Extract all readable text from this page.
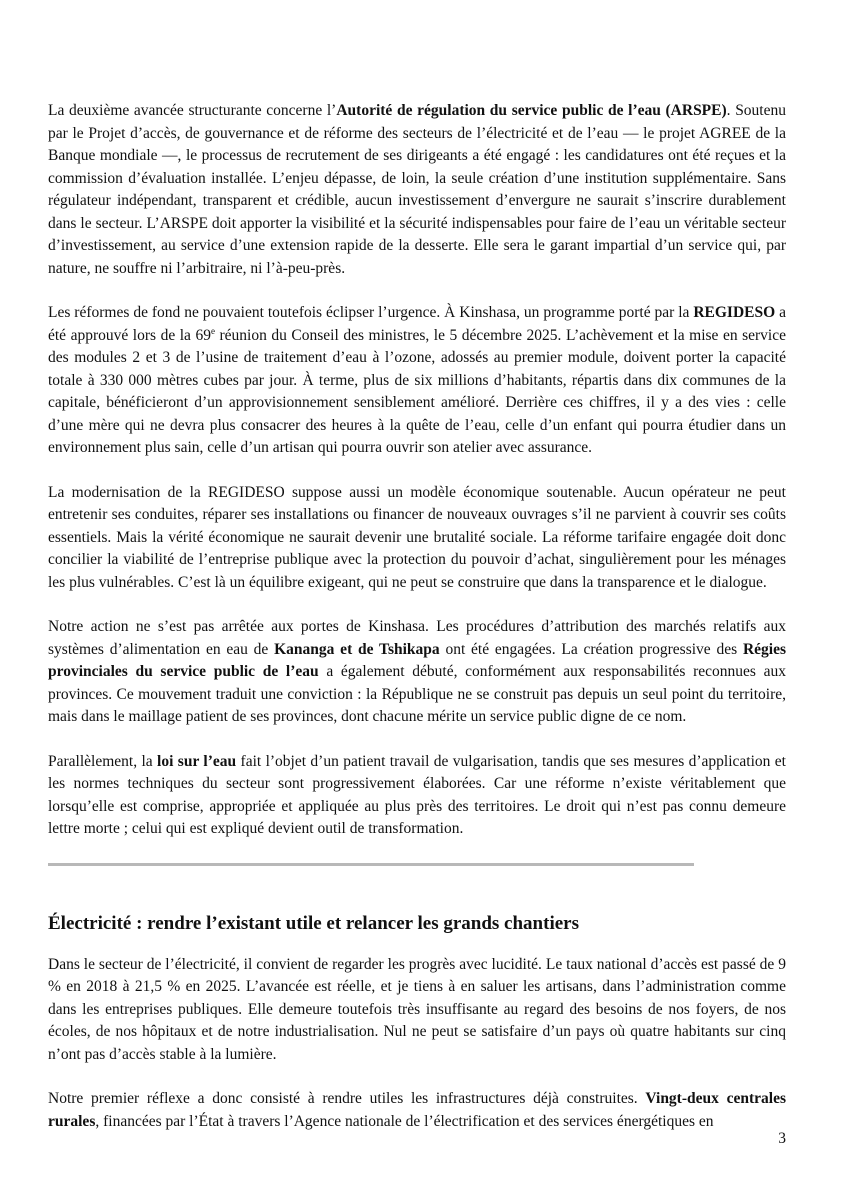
La deuxième avancée structurante concerne l’Autorité de régulation du service public de l’eau (ARSPE). Soutenu par le Projet d’accès, de gouvernance et de réforme des secteurs de l’électricité et de l’eau — le projet AGREE de la Banque mondiale —, le processus de recrutement de ses dirigeants a été engagé : les candidatures ont été reçues et la commission d’évaluation installée. L’enjeu dépasse, de loin, la seule création d’une institution supplémentaire. Sans régulateur indépendant, transparent et crédible, aucun investissement d’envergure ne saurait s’inscrire durablement dans le secteur. L’ARSPE doit apporter la visibilité et la sécurité indispensables pour faire de l’eau un véritable secteur d’investissement, au service d’une extension rapide de la desserte. Elle sera le garant impartial d’un service qui, par nature, ne souffre ni l’arbitraire, ni l’à-peu-près.

Les réformes de fond ne pouvaient toutefois éclipser l’urgence. À Kinshasa, un programme porté par la REGIDESO a été approuvé lors de la 69e réunion du Conseil des ministres, le 5 décembre 2025. L’achèvement et la mise en service des modules 2 et 3 de l’usine de traitement d’eau à l’ozone, adossés au premier module, doivent porter la capacité totale à 330 000 mètres cubes par jour. À terme, plus de six millions d’habitants, répartis dans dix communes de la capitale, bénéficieront d’un approvisionnement sensiblement amélioré. Derrière ces chiffres, il y a des vies : celle d’une mère qui ne devra plus consacrer des heures à la quête de l’eau, celle d’un enfant qui pourra étudier dans un environnement plus sain, celle d’un artisan qui pourra ouvrir son atelier avec assurance.

La modernisation de la REGIDESO suppose aussi un modèle économique soutenable. Aucun opérateur ne peut entretenir ses conduites, réparer ses installations ou financer de nouveaux ouvrages s’il ne parvient à couvrir ses coûts essentiels. Mais la vérité économique ne saurait devenir une brutalité sociale. La réforme tarifaire engagée doit donc concilier la viabilité de l’entreprise publique avec la protection du pouvoir d’achat, singulièrement pour les ménages les plus vulnérables. C’est là un équilibre exigeant, qui ne peut se construire que dans la transparence et le dialogue.

Notre action ne s’est pas arrêtée aux portes de Kinshasa. Les procédures d’attribution des marchés relatifs aux systèmes d’alimentation en eau de Kananga et de Tshikapa ont été engagées. La création progressive des Régies provinciales du service public de l’eau a également débuté, conformément aux responsabilités reconnues aux provinces. Ce mouvement traduit une conviction : la République ne se construit pas depuis un seul point du territoire, mais dans le maillage patient de ses provinces, dont chacune mérite un service public digne de ce nom.

Parallèlement, la loi sur l’eau fait l’objet d’un patient travail de vulgarisation, tandis que ses mesures d’application et les normes techniques du secteur sont progressivement élaborées. Car une réforme n’existe véritablement que lorsqu’elle est comprise, appropriée et appliquée au plus près des territoires. Le droit qui n’est pas connu demeure lettre morte ; celui qui est expliqué devient outil de transformation.

Électricité : rendre l’existant utile et relancer les grands chantiers

Dans le secteur de l’électricité, il convient de regarder les progrès avec lucidité. Le taux national d’accès est passé de 9 % en 2018 à 21,5 % en 2025. L’avancée est réelle, et je tiens à en saluer les artisans, dans l’administration comme dans les entreprises publiques. Elle demeure toutefois très insuffisante au regard des besoins de nos foyers, de nos écoles, de nos hôpitaux et de notre industrialisation. Nul ne peut se satisfaire d’un pays où quatre habitants sur cinq n’ont pas d’accès stable à la lumière.

Notre premier réflexe a donc consisté à rendre utiles les infrastructures déjà construites. Vingt-deux centrales rurales, financées par l’État à travers l’Agence nationale de l’électrification et des services énergétiques en

3
